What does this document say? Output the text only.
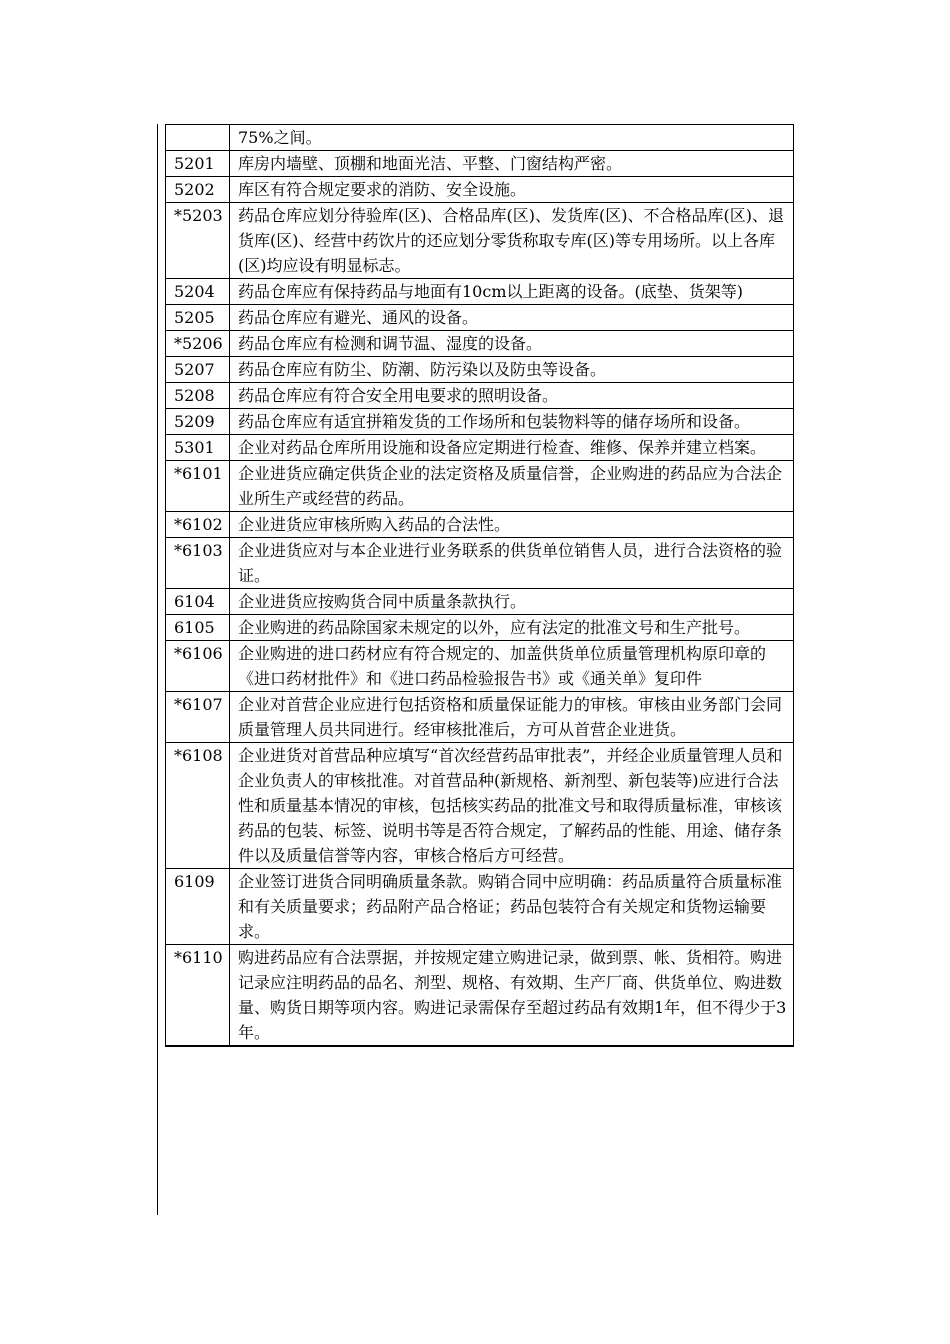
	75%之间。
5201	库房内墙壁、顶棚和地面光洁、平整、门窗结构严密。
5202	库区有符合规定要求的消防、安全设施。
*5203	药品仓库应划分待验库(区)、合格品库(区)、发货库(区)、不合格品库(区)、退货库(区)、经营中药饮片的还应划分零货称取专库(区)等专用场所。以上各库(区)均应设有明显标志。
5204	药品仓库应有保持药品与地面有10cm以上距离的设备。(底垫、货架等)
5205	药品仓库应有避光、通风的设备。
*5206	药品仓库应有检测和调节温、湿度的设备。
5207	药品仓库应有防尘、防潮、防污染以及防虫等设备。
5208	药品仓库应有符合安全用电要求的照明设备。
5209	药品仓库应有适宜拼箱发货的工作场所和包装物料等的储存场所和设备。
5301	企业对药品仓库所用设施和设备应定期进行检查、维修、保养并建立档案。
*6101	企业进货应确定供货企业的法定资格及质量信誉，企业购进的药品应为合法企业所生产或经营的药品。
*6102	企业进货应审核所购入药品的合法性。
*6103	企业进货应对与本企业进行业务联系的供货单位销售人员，进行合法资格的验证。
6104	企业进货应按购货合同中质量条款执行。
6105	企业购进的药品除国家未规定的以外，应有法定的批准文号和生产批号。
*6106	企业购进的进口药材应有符合规定的、加盖供货单位质量管理机构原印章的《进口药材批件》和《进口药品检验报告书》或《通关单》复印件
*6107	企业对首营企业应进行包括资格和质量保证能力的审核。审核由业务部门会同质量管理人员共同进行。经审核批准后，方可从首营企业进货。
*6108	企业进货对首营品种应填写“首次经营药品审批表”，并经企业质量管理人员和企业负责人的审核批准。对首营品种(新规格、新剂型、新包装等)应进行合法性和质量基本情况的审核，包括核实药品的批准文号和取得质量标准，审核该药品的包装、标签、说明书等是否符合规定，了解药品的性能、用途、储存条件以及质量信誉等内容，审核合格后方可经营。
6109	企业签订进货合同明确质量条款。购销合同中应明确：药品质量符合质量标准和有关质量要求；药品附产品合格证；药品包装符合有关规定和货物运输要求。
*6110	购进药品应有合法票据，并按规定建立购进记录，做到票、帐、货相符。购进记录应注明药品的品名、剂型、规格、有效期、生产厂商、供货单位、购进数量、购货日期等项内容。购进记录需保存至超过药品有效期1年，但不得少于3年。
